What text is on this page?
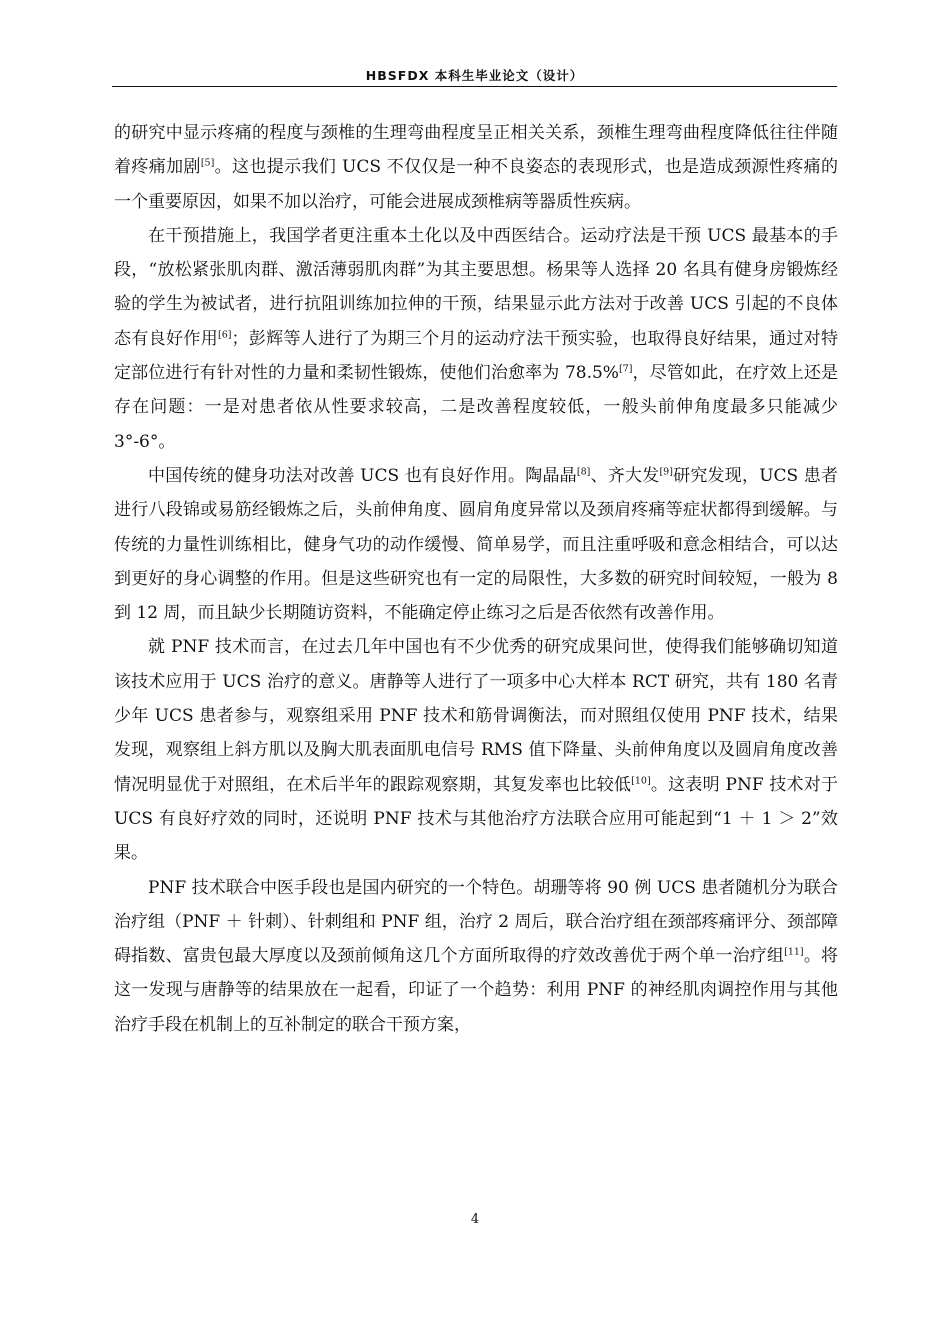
HBSFDX 本科生毕业论文（设计）

的研究中显示疼痛的程度与颈椎的生理弯曲程度呈正相关关系，颈椎生理弯曲程度降低往往伴随着疼痛加剧[5]。这也提示我们 UCS 不仅仅是一种不良姿态的表现形式，也是造成颈源性疼痛的一个重要原因，如果不加以治疗，可能会进展成颈椎病等器质性疾病。

在干预措施上，我国学者更注重本土化以及中西医结合。运动疗法是干预 UCS 最基本的手段，“放松紧张肌肉群、激活薄弱肌肉群”为其主要思想。杨果等人选择 20 名具有健身房锻炼经验的学生为被试者，进行抗阻训练加拉伸的干预，结果显示此方法对于改善 UCS 引起的不良体态有良好作用[6]；彭辉等人进行了为期三个月的运动疗法干预实验，也取得良好结果，通过对特定部位进行有针对性的力量和柔韧性锻炼，使他们治愈率为 78.5%[7]，尽管如此，在疗效上还是存在问题：一是对患者依从性要求较高，二是改善程度较低，一般头前伸角度最多只能减少 3°-6°。

中国传统的健身功法对改善 UCS 也有良好作用。陶晶晶[8]、齐大发[9]研究发现，UCS 患者进行八段锦或易筋经锻炼之后，头前伸角度、圆肩角度异常以及颈肩疼痛等症状都得到缓解。与传统的力量性训练相比，健身气功的动作缓慢、简单易学，而且注重呼吸和意念相结合，可以达到更好的身心调整的作用。但是这些研究也有一定的局限性，大多数的研究时间较短，一般为 8 到 12 周，而且缺少长期随访资料，不能确定停止练习之后是否依然有改善作用。

就 PNF 技术而言，在过去几年中国也有不少优秀的研究成果问世，使得我们能够确切知道该技术应用于 UCS 治疗的意义。唐静等人进行了一项多中心大样本 RCT 研究，共有 180 名青少年 UCS 患者参与，观察组采用 PNF 技术和筋骨调衡法，而对照组仅使用 PNF 技术，结果发现，观察组上斜方肌以及胸大肌表面肌电信号 RMS 值下降量、头前伸角度以及圆肩角度改善情况明显优于对照组，在术后半年的跟踪观察期，其复发率也比较低[10]。这表明 PNF 技术对于 UCS 有良好疗效的同时，还说明 PNF 技术与其他治疗方法联合应用可能起到“1 ＋ 1 ＞ 2”效果。

PNF 技术联合中医手段也是国内研究的一个特色。胡珊等将 90 例 UCS 患者随机分为联合治疗组（PNF ＋ 针刺）、针刺组和 PNF 组，治疗 2 周后，联合治疗组在颈部疼痛评分、颈部障碍指数、富贵包最大厚度以及颈前倾角这几个方面所取得的疗效改善优于两个单一治疗组[11]。将这一发现与唐静等的结果放在一起看，印证了一个趋势：利用 PNF 的神经肌肉调控作用与其他治疗手段在机制上的互补制定的联合干预方案，

4
